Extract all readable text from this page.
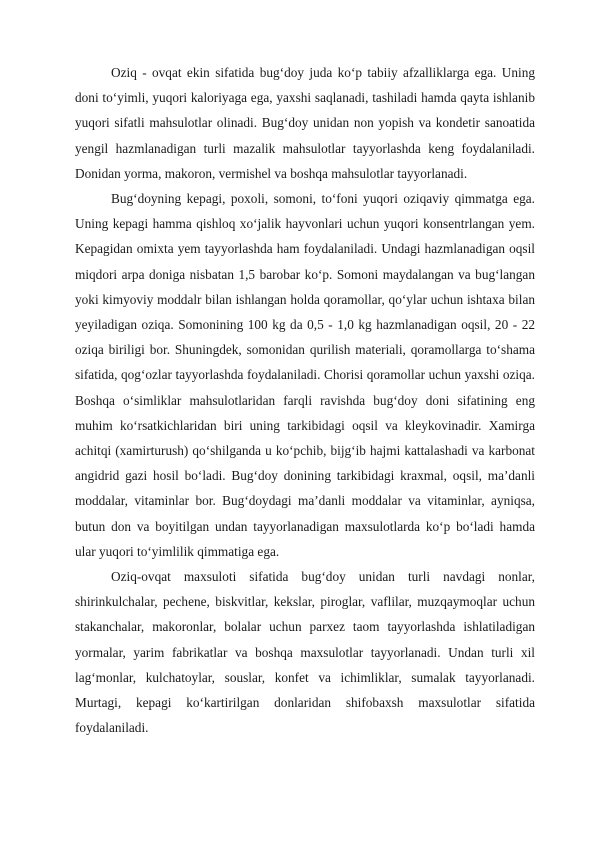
Oziq - ovqat ekin sifatida bug‘doy juda ko‘p tabiiy afzalliklarga ega. Uning doni to‘yimli, yuqori kaloriyaga ega, yaxshi saqlanadi, tashiladi hamda qayta ishlanib yuqori sifatli mahsulotlar olinadi. Bug‘doy unidan non yopish va kondetir sanoatida yengil hazmlanadigan turli mazalik mahsulotlar tayyorlashda keng foydalaniladi. Donidan yorma, makoron, vermishel va boshqa mahsulotlar tayyorlanadi.

Bug‘doyning kepagi, poxoli, somoni, to‘foni yuqori oziqaviy qimmatga ega. Uning kepagi hamma qishloq xo‘jalik hayvonlari uchun yuqori konsentrlangan yem. Kepagidan omixta yem tayyorlashda ham foydalaniladi. Undagi hazmlanadigan oqsil miqdori arpa doniga nisbatan 1,5 barobar ko‘p. Somoni maydalangan va bug‘langan yoki kimyoviy moddalr bilan ishlangan holda qoramollar, qo‘ylar uchun ishtaxa bilan yeyiladigan oziqa. Somonining 100 kg da 0,5 - 1,0 kg hazmlanadigan oqsil, 20 - 22 oziqa biriligi bor. Shuningdek, somonidan qurilish materiali, qoramollarga to‘shama sifatida, qog‘ozlar tayyorlashda foydalaniladi. Chorisi qoramollar uchun yaxshi oziqa. Boshqa o‘simliklar mahsulotlaridan farqli ravishda bug‘doy doni sifatining eng muhim ko‘rsatkichlaridan biri uning tarkibidagi oqsil va kleykovinadir. Xamirga achitqi (xamirturush) qo‘shilganda u ko‘pchib, bijg‘ib hajmi kattalashadi va karbonat angidrid gazi hosil bo‘ladi. Bug‘doy donining tarkibidagi kraxmal, oqsil, ma’danli moddalar, vitaminlar bor. Bug‘doydagi ma’danli moddalar va vitaminlar, ayniqsa, butun don va boyitilgan undan tayyorlanadigan maxsulotlarda ko‘p bo‘ladi hamda ular yuqori to‘yimlilik qimmatiga ega.

Oziq-ovqat maxsuloti sifatida bug‘doy unidan turli navdagi nonlar, shirinkulchalar, pechene, biskvitlar, kekslar, piroglar, vaflilar, muzqaymoqlar uchun stakanchalar, makoronlar, bolalar uchun parxez taom tayyorlashda ishlatiladigan yormalar, yarim fabrikatlar va boshqa maxsulotlar tayyorlanadi. Undan turli xil lag‘monlar, kulchatoylar, souslar, konfet va ichimliklar, sumalak tayyorlanadi. Murtagi, kepagi ko‘kartirilgan donlaridan shifobaxsh maxsulotlar sifatida foydalaniladi.
